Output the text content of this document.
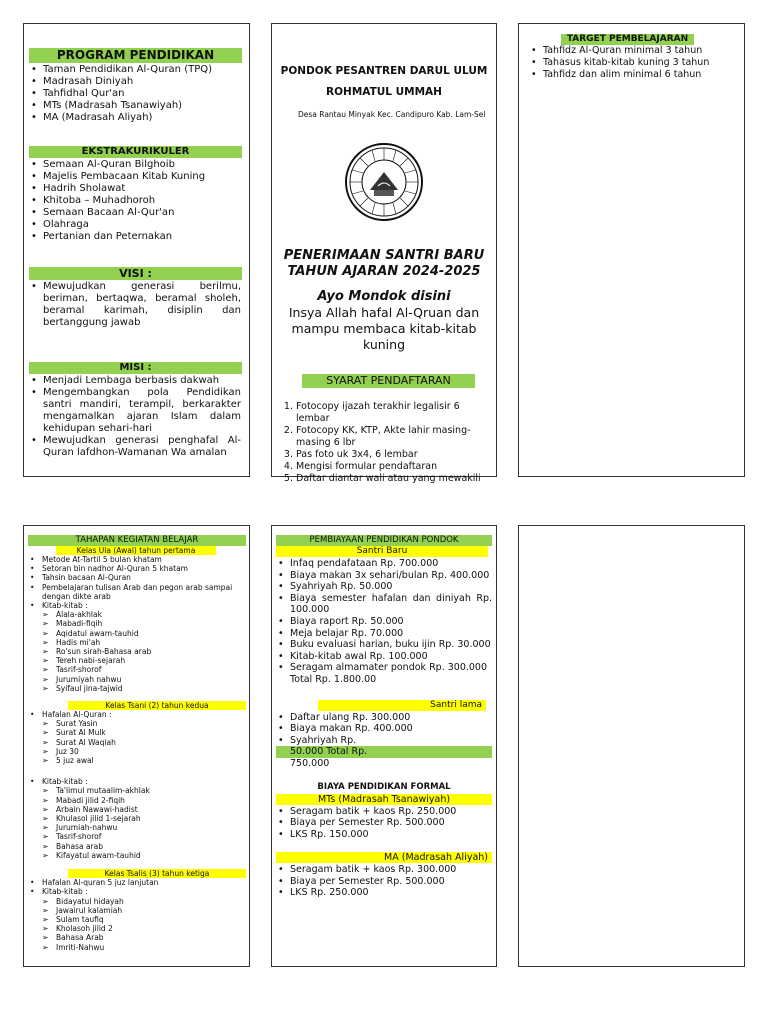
PROGRAM PENDIDIKAN
• Taman Pendidikan Al-Quran (TPQ)
• Madrasah Diniyah
• Tahfidhal Qur'an
• MTs (Madrasah Tsanawiyah)
• MA (Madrasah Aliyah)
EKSTRAKURIKULER
• Semaan Al-Quran Bilghoib
• Majelis Pembacaan Kitab Kuning
• Hadrih Sholawat
• Khitoba – Muhadhoroh
• Semaan Bacaan Al-Qur'an
• Olahraga
• Pertanian dan Peternakan
VISI :
• Mewujudkan generasi berilmu, beriman, bertaqwa, beramal sholeh, beramal karimah, disiplin dan bertanggung jawab
MISI :
• Menjadi Lembaga berbasis dakwah
• Mengembangkan pola Pendidikan santri mandiri, terampil, berkarakter mengamalkan ajaran Islam dalam kehidupan sehari-hari
• Mewujudkan generasi penghafal Al-Quran lafdhon-Wamanan Wa amalan
PONDOK PESANTREN DARUL ULUM
ROHMATUL UMMAH
Desa Rantau Minyak Kec. Candipuro Kab. Lam-Sel
PENERIMAAN SANTRI BARU
TAHUN AJARAN 2024-2025
Ayo Mondok disini
Insya Allah hafal Al-Qruan dan mampu membaca kitab-kitab kuning
SYARAT PENDAFTARAN
1. Fotocopy ijazah terakhir legalisir 6 lembar
2. Fotocopy KK, KTP, Akte lahir masing-masing 6 lbr
3. Pas foto uk 3x4, 6 lembar
4. Mengisi formular pendaftaran
5. Daftar diantar wali atau yang mewakili
TARGET PEMBELAJARAN
• Tahfidz Al-Quran minimal 3 tahun
• Tahasus kitab-kitab kuning 3 tahun
• Tahfidz dan alim minimal 6 tahun
TAHAPAN KEGIATAN BELAJAR
Kelas Ula (Awal) tahun pertama
• Metode At-Tartil 5 bulan khatam
• Setoran bin nadhor Al-Quran 5 khatam
• Tahsin bacaan Al-Quran
• Pembelajaran tulisan Arab dan pegon arab sampai dengan dikte arab
• Kitab-kitab :
➢ Alala-akhlak
➢ Mabadi-fiqih
➢ Aqidatul awam-tauhid
➢ Hadis mi'ah
➢ Ro'sun sirah-Bahasa arab
➢ Tereh nabi-sejarah
➢ Tasrif-shorof
➢ Jurumiyah nahwu
➢ Syifaul jina-tajwid
Kelas Tsani (2) tahun kedua
• Hafalan Al-Quran :
➢ Surat Yasin
➢ Surat Al Mulk
➢ Surat Al Waqiah
➢ Juz 30
➢ 5 juz awal
• Kitab-kitab :
➢ Ta'limul mutaalim-akhlak
➢ Mabadi jilid 2-fiqih
➢ Arbain Nawawi-hadist
➢ Khulasol jilid 1-sejarah
➢ Jurumiah-nahwu
➢ Tasrif-shorof
➢ Bahasa arab
➢ Kifayatul awam-tauhid
Kelas Tsalis (3) tahun ketiga
• Hafalan Al-quran 5 juz lanjutan
• Kitab-kitab :
➢ Bidayatul hidayah
➢ Jawairul kalamiah
➢ Sulam taufiq
➢ Kholasoh jilid 2
➢ Bahasa Arab
➢ Imriti-Nahwu
PEMBIAYAAN PENDIDIKAN PONDOK
Santri Baru
• Infaq pendafataan Rp. 700.000
• Biaya makan 3x sehari/bulan Rp. 400.000
• Syahriyah Rp. 50.000
• Biaya semester hafalan dan diniyah Rp. 100.000
• Biaya raport Rp. 50.000
• Meja belajar Rp. 70.000
• Buku evaluasi harian, buku ijin Rp. 30.000
• Kitab-kitab awal Rp. 100.000
• Seragam almamater pondok Rp. 300.000 Total Rp. 1.800.00
Santri lama
• Daftar ulang Rp. 300.000
• Biaya makan Rp. 400.000
• Syahriyah Rp.
50.000 Total Rp.
750.000
BIAYA PENDIDIKAN FORMAL
MTs (Madrasah Tsanawiyah)
• Seragam batik + kaos Rp. 250.000
• Biaya per Semester Rp. 500.000
• LKS Rp. 150.000
MA (Madrasah Aliyah)
• Seragam batik + kaos Rp. 300.000
• Biaya per Semester Rp. 500.000
• LKS Rp. 250.000
